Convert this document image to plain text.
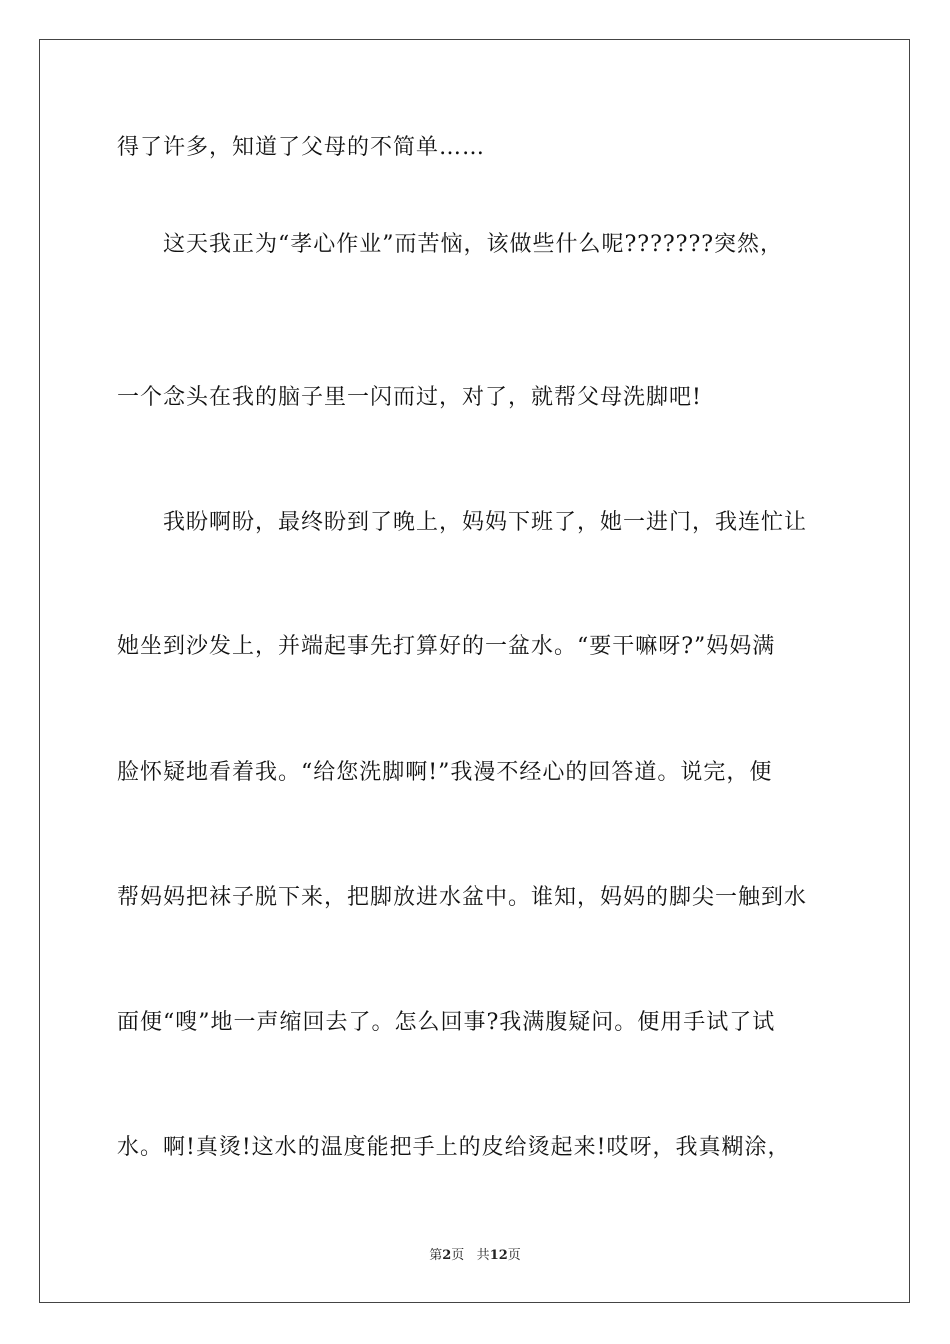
得了许多，知道了父母的不简单……
　　这天我正为“孝心作业”而苦恼，该做些什么呢???????突然，
一个念头在我的脑子里一闪而过，对了，就帮父母洗脚吧!
　　我盼啊盼，最终盼到了晚上，妈妈下班了，她一进门，我连忙让
她坐到沙发上，并端起事先打算好的一盆水。“要干嘛呀?”妈妈满
脸怀疑地看着我。“给您洗脚啊!”我漫不经心的回答道。说完，便
帮妈妈把袜子脱下来，把脚放进水盆中。谁知，妈妈的脚尖一触到水
面便“嗖”地一声缩回去了。怎么回事?我满腹疑问。便用手试了试
水。啊!真烫!这水的温度能把手上的皮给烫起来!哎呀，我真糊涂，
第2页 共12页
